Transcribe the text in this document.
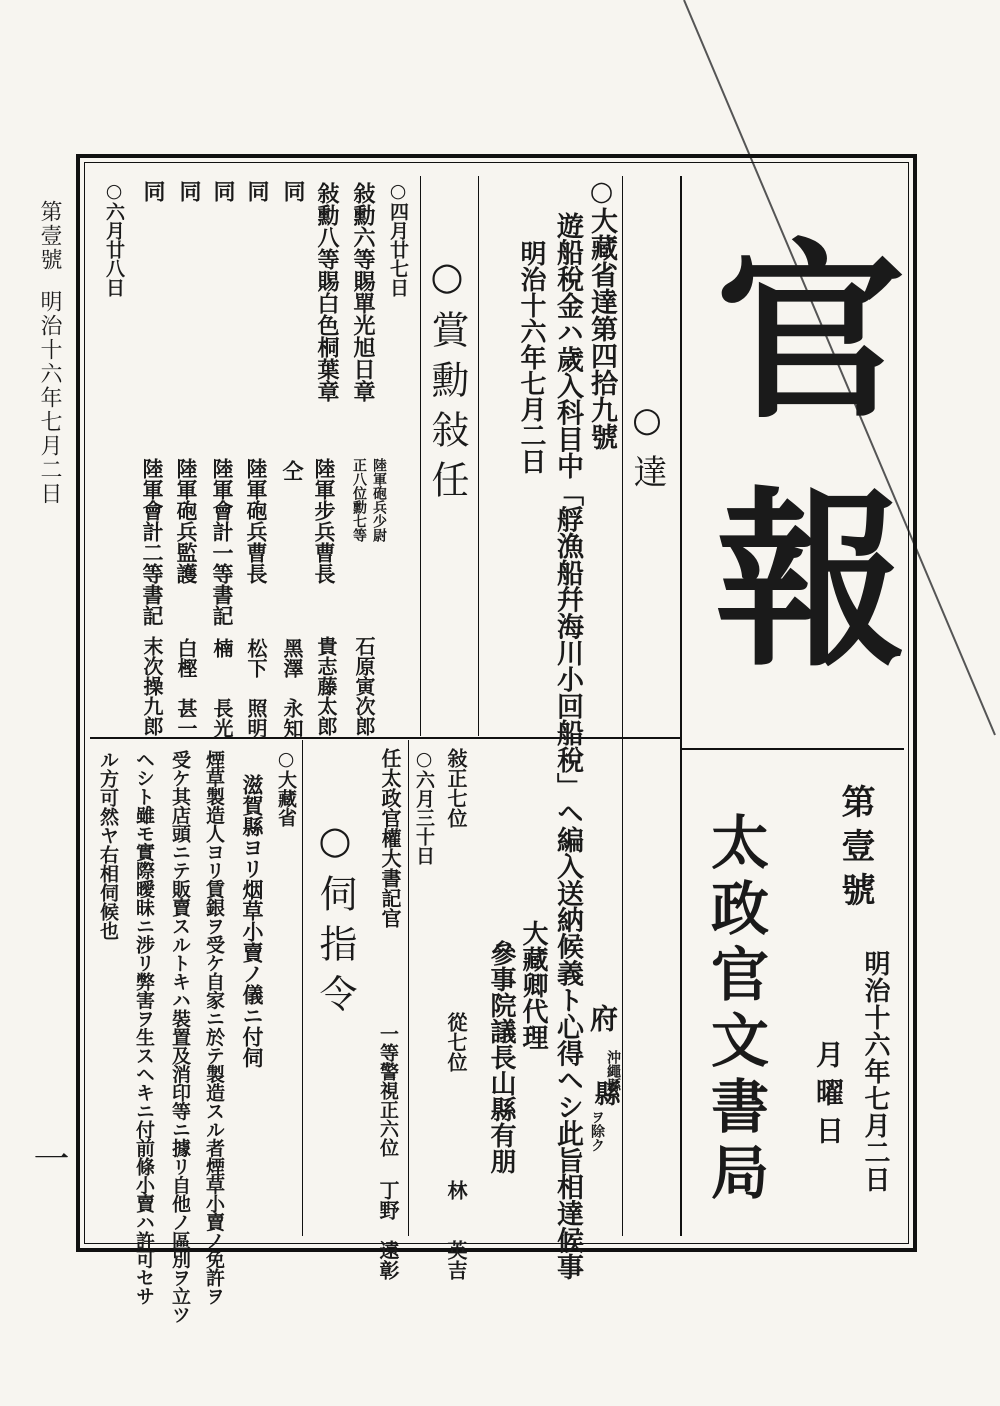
第壹號
明治十六年七月二日
一
官
報
第壹號
太政官文書局	明治十六年七月二日
月曜日
○達
○大藏省達第四拾九號
遊船稅金ハ歲入科目中「艀漁船幷海川小回船稅」ヘ編入送納候義ト心得ヘシ此旨相達候事
明治十六年七月二日
府
縣
沖繩縣
ヲ除ク
大藏卿代理
參事院議長山縣有朋
○賞勳敍任
○四月廿七日
敍勳六等賜單光旭日章
敍勳八等賜白色桐葉章
同
同
同
同
同
○六月廿八日
陸軍砲兵少尉
正八位勳七等
石原寅次郎
陸軍步兵曹長
貴志藤太郎
仝
黑澤　永知
陸軍砲兵曹長
松下　照明
陸軍會計一等書記
楠　　長光
陸軍砲兵監護
白樫　甚一
陸軍會計二等書記
末次操九郎
敍正七位
從七位
林　　英吉
○六月三十日
任太政官權大書記官
一等警視正六位
丁野　遠彰
○伺指令
○大藏省
滋賀縣ヨリ烟草小賣ノ儀ニ付伺
煙草製造人ヨリ賃銀ヲ受ケ自家ニ於テ製造スル者煙草小賣ノ免許ヲ
受ケ其店頭ニテ販賣スルトキハ裝置及消印等ニ據リ自他ノ區別ヲ立ツ
ヘシト雖モ實際曖昧ニ涉リ弊害ヲ生スヘキニ付前條小賣ハ許可セサ
ル方可然ヤ右相伺候也
